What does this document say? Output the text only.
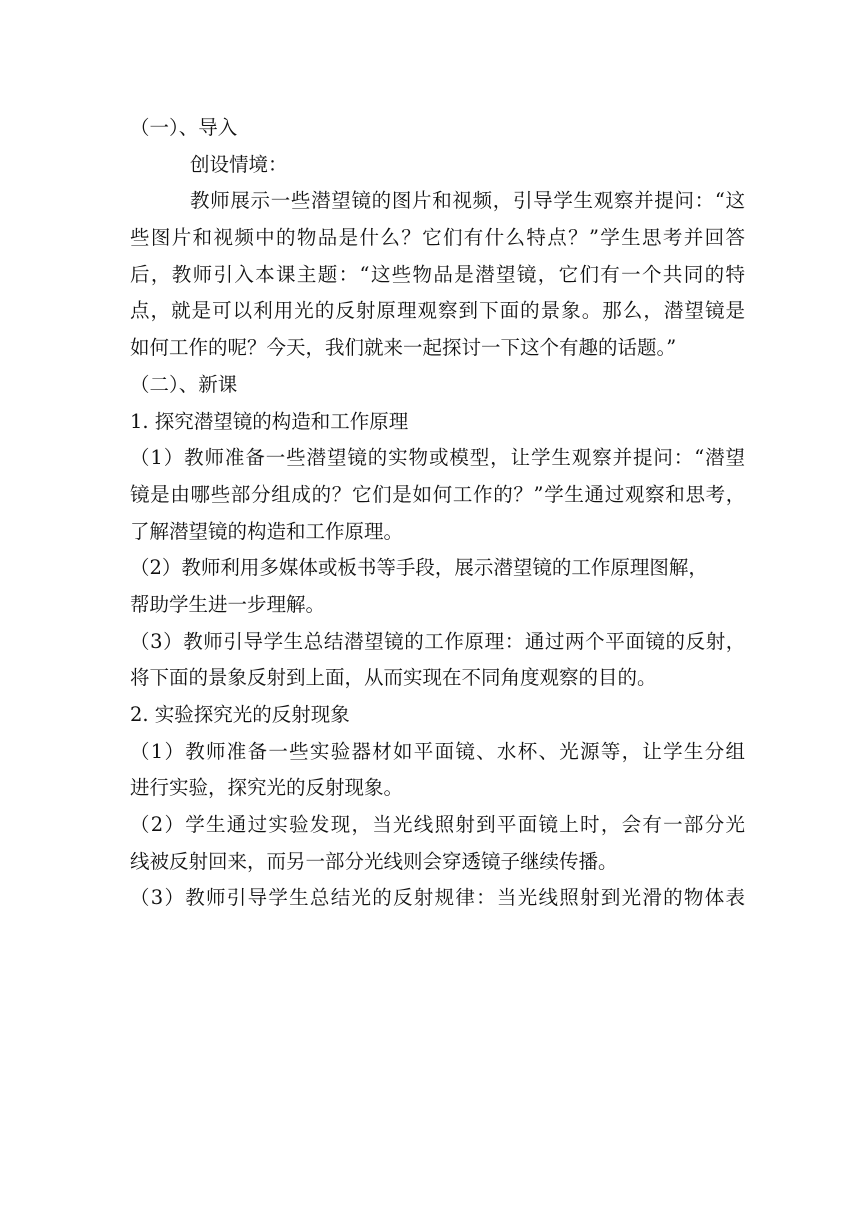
（一）、导入
创设情境：
教师展示一些潜望镜的图片和视频，引导学生观察并提问：“这
些图片和视频中的物品是什么？它们有什么特点？”学生思考并回答
后，教师引入本课主题：“这些物品是潜望镜，它们有一个共同的特
点，就是可以利用光的反射原理观察到下面的景象。那么，潜望镜是
如何工作的呢？今天，我们就来一起探讨一下这个有趣的话题。”
（二）、新课
1. 探究潜望镜的构造和工作原理
（1）教师准备一些潜望镜的实物或模型，让学生观察并提问：“潜望
镜是由哪些部分组成的？它们是如何工作的？”学生通过观察和思考，
了解潜望镜的构造和工作原理。
（2）教师利用多媒体或板书等手段，展示潜望镜的工作原理图解，
帮助学生进一步理解。
（3）教师引导学生总结潜望镜的工作原理：通过两个平面镜的反射，
将下面的景象反射到上面，从而实现在不同角度观察的目的。
2. 实验探究光的反射现象
（1）教师准备一些实验器材如平面镜、水杯、光源等，让学生分组
进行实验，探究光的反射现象。
（2）学生通过实验发现，当光线照射到平面镜上时，会有一部分光
线被反射回来，而另一部分光线则会穿透镜子继续传播。
（3）教师引导学生总结光的反射规律：当光线照射到光滑的物体表
